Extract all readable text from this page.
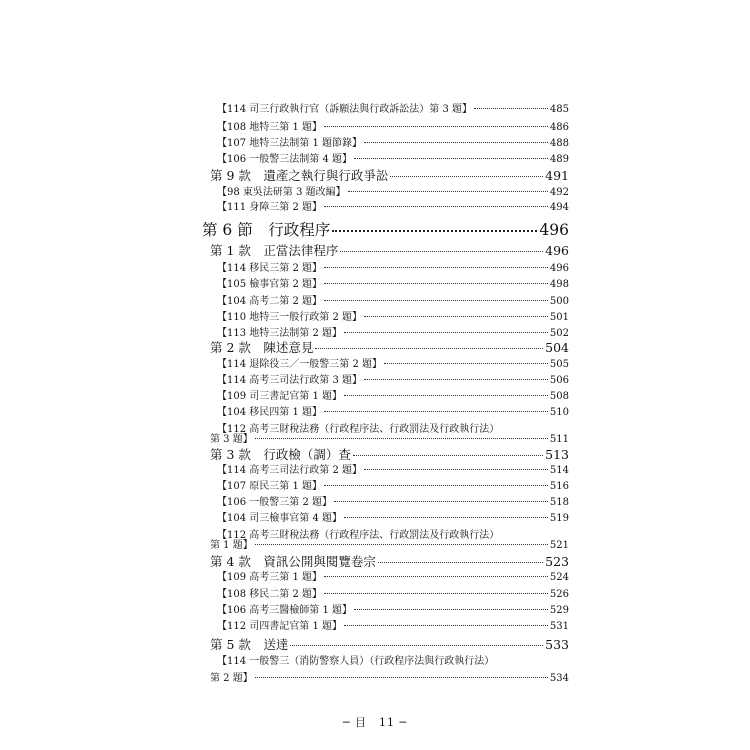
【114 司三行政執行官（訴願法與行政訴訟法）第 3 題】	485
【108 地特三第 1 題】	486
【107 地特三法制第 1 題節錄】	488
【106 一般警三法制第 4 題】	489
第 9 款　遺產之執行與行政爭訟	491
【98 東吳法研第 3 題改編】	492
【111 身障三第 2 題】	494
第 6 節　行政程序	496
第 1 款　正當法律程序	496
【114 移民三第 2 題】	496
【105 檢事官第 2 題】	498
【104 高考二第 2 題】	500
【110 地特三一般行政第 2 題】	501
【113 地特三法制第 2 題】	502
第 2 款　陳述意見	504
【114 退除役三／一般警三第 2 題】	505
【114 高考三司法行政第 3 題】	506
【109 司三書記官第 1 題】	508
【104 移民四第 1 題】	510
【112 高考三財稅法務（行政程序法、行政罰法及行政執行法）
第 3 題】	511
第 3 款　行政檢（調）查	513
【114 高考三司法行政第 2 題】	514
【107 原民三第 1 題】	516
【106 一般警三第 2 題】	518
【104 司三檢事官第 4 題】	519
【112 高考三財稅法務（行政程序法、行政罰法及行政執行法）
第 1 題】	521
第 4 款　資訊公開與閱覽卷宗	523
【109 高考三第 1 題】	524
【108 移民二第 2 題】	526
【106 高考三醫檢師第 1 題】	529
【112 司四書記官第 1 題】	531
第 5 款　送達	533
【114 一般警三（消防警察人員）（行政程序法與行政執行法）
第 2 題】	534
─ 目　11 ─
